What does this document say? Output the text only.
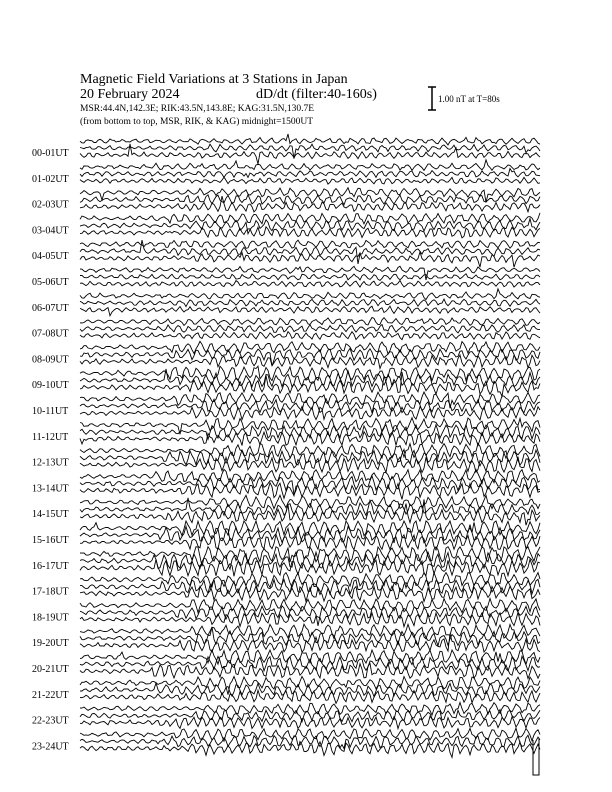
Magnetic Field Variations at 3 Stations in Japan
20 February 2024	dD/dt (filter:40-160s)
MSR:44.4N,142.3E; RIK:43.5N,143.8E; KAG:31.5N,130.7E
(from bottom to top, MSR, RIK, & KAG) midnight=1500UT
1.00 nT at T=80s
00-01UT
01-02UT
02-03UT
03-04UT
04-05UT
05-06UT
06-07UT
07-08UT
08-09UT
09-10UT
10-11UT
11-12UT
12-13UT
13-14UT
14-15UT
15-16UT
16-17UT
17-18UT
18-19UT
19-20UT
20-21UT
21-22UT
22-23UT
23-24UT
